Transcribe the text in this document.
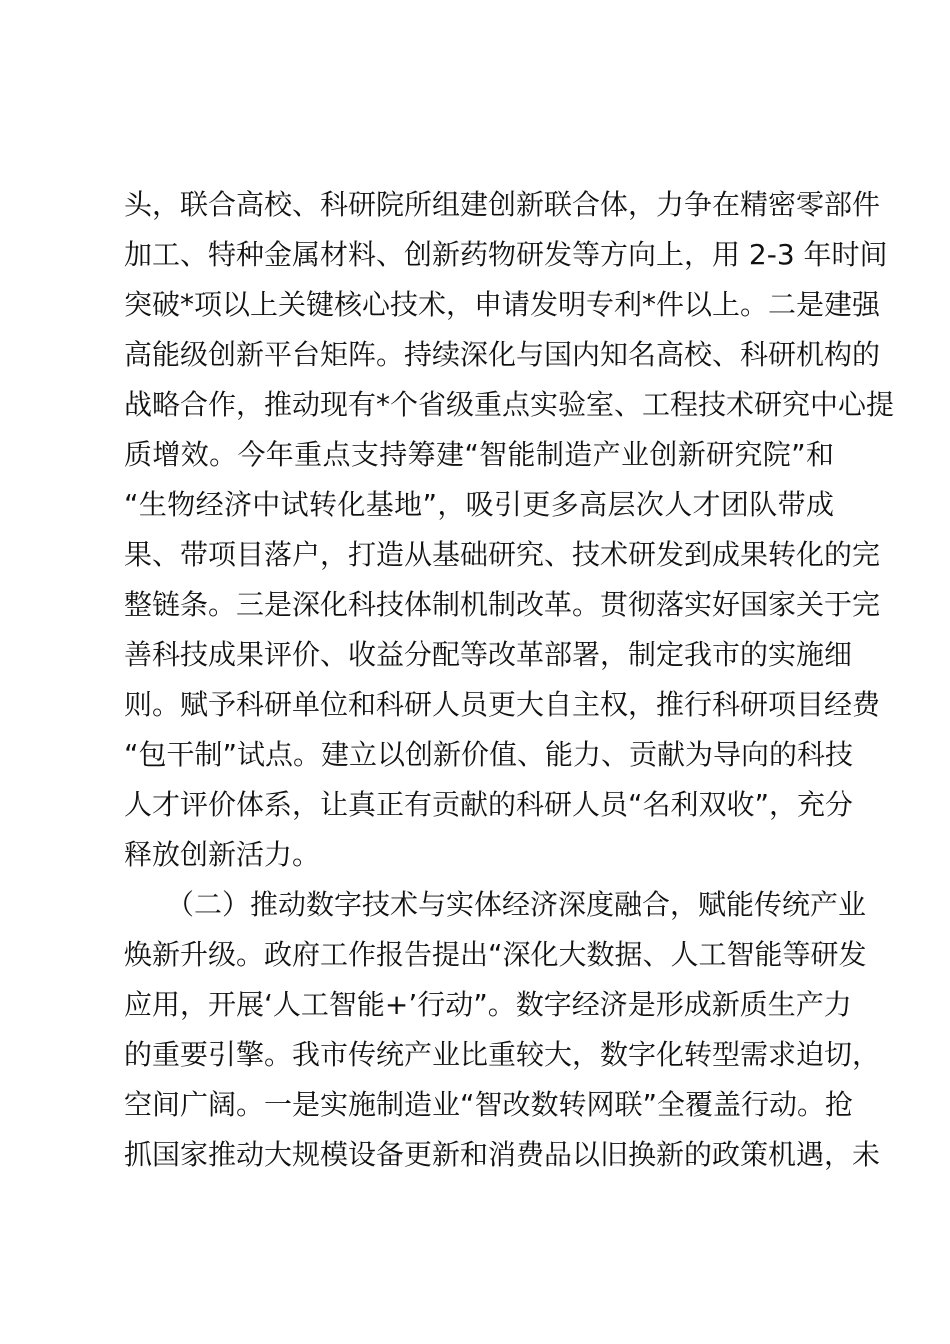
头，联合高校、科研院所组建创新联合体，力争在精密零部件
加工、特种金属材料、创新药物研发等方向上，用 2-3 年时间
突破*项以上关键核心技术，申请发明专利*件以上。二是建强
高能级创新平台矩阵。持续深化与国内知名高校、科研机构的
战略合作，推动现有*个省级重点实验室、工程技术研究中心提
质增效。今年重点支持筹建“智能制造产业创新研究院”和
“生物经济中试转化基地”，吸引更多高层次人才团队带成
果、带项目落户，打造从基础研究、技术研发到成果转化的完
整链条。三是深化科技体制机制改革。贯彻落实好国家关于完
善科技成果评价、收益分配等改革部署，制定我市的实施细
则。赋予科研单位和科研人员更大自主权，推行科研项目经费
“包干制”试点。建立以创新价值、能力、贡献为导向的科技
人才评价体系，让真正有贡献的科研人员“名利双收”，充分
释放创新活力。
　　（二）推动数字技术与实体经济深度融合，赋能传统产业
焕新升级。政府工作报告提出“深化大数据、人工智能等研发
应用，开展‘人工智能+’行动”。数字经济是形成新质生产力
的重要引擎。我市传统产业比重较大，数字化转型需求迫切，
空间广阔。一是实施制造业“智改数转网联”全覆盖行动。抢
抓国家推动大规模设备更新和消费品以旧换新的政策机遇，未
